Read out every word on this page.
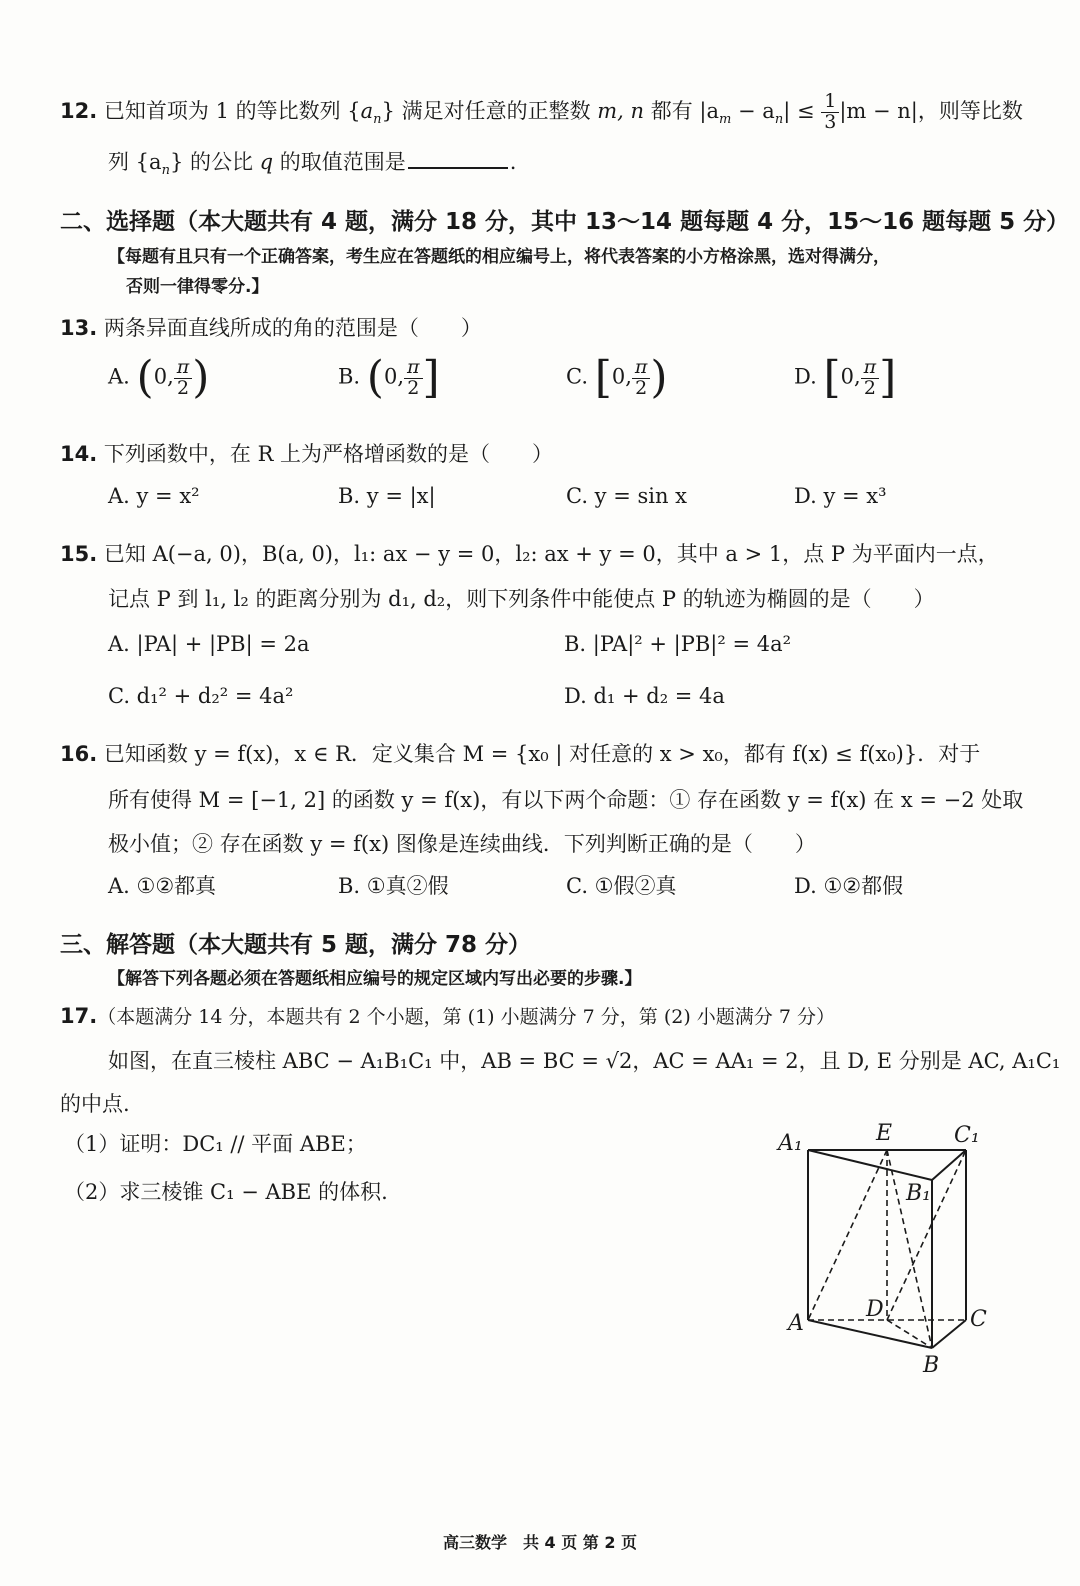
12. 已知首项为 1 的等比数列 $\{a_n\}$ 满足对任意的正整数 m, n 都有 $|a_m - a_n| \le \frac{1}{3} |m - n|$，则等比数
列 $\{a_n\}$ 的公比 q 的取值范围是	.
二、选择题（本大题共有 4 题，满分 18 分，其中 13～14 题每题 4 分，15～16 题每题 5 分）
【每题有且只有一个正确答案，考生应在答题纸的相应编号上，将代表答案的小方格涂黑，选对得满分，
否则一律得零分.】
13. 两条异面直线所成的角的范围是（　　）
A. (0, $\frac{\pi}{2}$ )	B. (0, $\frac{\pi}{2}$ ]	C. [0, $\frac{\pi}{2}$ )	D. [0, $\frac{\pi}{2}$ ]
14. 下列函数中，在 R 上为严格增函数的是（　　）
A. y = x²	B. y = |x|	C. y = sin x	D. y = x³
15. 已知 A(−a, 0)，B(a, 0)，l₁: ax − y = 0，l₂: ax + y = 0，其中 a > 1，点 P 为平面内一点，
记点 P 到 l₁, l₂ 的距离分别为 d₁, d₂，则下列条件中能使点 P 的轨迹为椭圆的是（　　）
A. |PA| + |PB| = 2a	B. |PA|² + |PB|² = 4a²
C. d₁² + d₂² = 4a²	D. d₁ + d₂ = 4a
16. 已知函数 y = f(x)，x ∈ R．定义集合 M = {x₀ | 对任意的 x > x₀，都有 f(x) ≤ f(x₀)}．对于
所有使得 M = [−1, 2] 的函数 y = f(x)，有以下两个命题：① 存在函数 y = f(x) 在 x = −2 处取
极小值；② 存在函数 y = f(x) 图像是连续曲线．下列判断正确的是（　　）
A. ①②都真	B. ①真②假	C. ①假②真	D. ①②都假
三、解答题（本大题共有 5 题，满分 78 分）
【解答下列各题必须在答题纸相应编号的规定区域内写出必要的步骤.】
17.（本题满分 14 分，本题共有 2 个小题，第 (1) 小题满分 7 分，第 (2) 小题满分 7 分）
如图，在直三棱柱 ABC − A₁B₁C₁ 中，AB = BC = √2，AC = AA₁ = 2，且 D, E 分别是 AC, A₁C₁
的中点.
（1）证明：DC₁ // 平面 ABE；
（2）求三棱锥 C₁ − ABE 的体积.
A₁	E	C₁
B₁
A
D	C
B
高三数学　共 4 页 第 2 页
